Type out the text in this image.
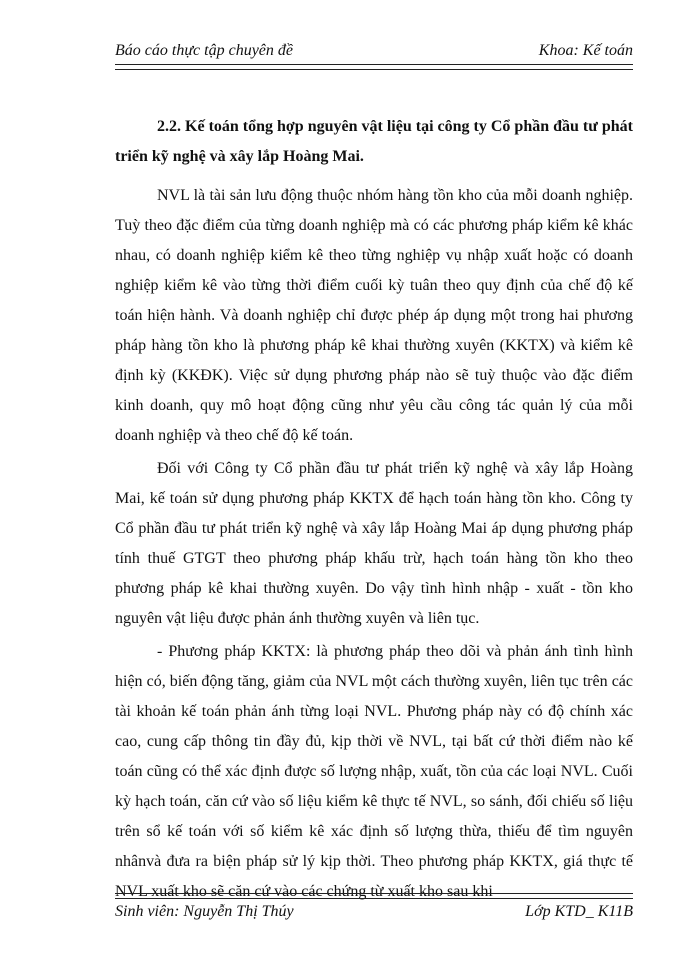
Báo cáo thực tập chuyên đề	Khoa: Kế toán

2.2. Kế toán tổng hợp nguyên vật liệu tại công ty Cổ phần đầu tư phát triển kỹ nghệ và xây lắp Hoàng Mai.

NVL là tài sản lưu động thuộc nhóm hàng tồn kho của mỗi doanh nghiệp. Tuỳ theo đặc điểm của từng doanh nghiệp mà có các phương pháp kiểm kê khác nhau, có doanh nghiệp kiểm kê theo từng nghiệp vụ nhập xuất hoặc có doanh nghiệp kiểm kê vào từng thời điểm cuối kỳ tuân theo quy định của chế độ kế toán hiện hành. Và doanh nghiệp chỉ được phép áp dụng một trong hai phương pháp hàng tồn kho là phương pháp kê khai thường xuyên (KKTX) và kiểm kê định kỳ (KKĐK). Việc sử dụng phương pháp nào sẽ tuỳ thuộc vào đặc điểm kinh doanh, quy mô hoạt động cũng như yêu cầu công tác quản lý của mỗi doanh nghiệp và theo chế độ kế toán.

Đối với Công ty Cổ phần đầu tư phát triển kỹ nghệ và xây lắp Hoàng Mai, kế toán sử dụng phương pháp KKTX để hạch toán hàng tồn kho. Công ty Cổ phần đầu tư phát triển kỹ nghệ và xây lắp Hoàng Mai áp dụng phương pháp tính thuế GTGT theo phương pháp khấu trừ, hạch toán hàng tồn kho theo phương pháp kê khai thường xuyên. Do vậy tình hình nhập - xuất - tồn kho nguyên vật liệu được phản ánh thường xuyên và liên tục.

- Phương pháp KKTX: là phương pháp theo dõi và phản ánh tình hình hiện có, biến động tăng, giảm của NVL một cách thường xuyên, liên tục trên các tài khoản kế toán phản ánh từng loại NVL. Phương pháp này có độ chính xác cao, cung cấp thông tin đầy đủ, kịp thời về NVL, tại bất cứ thời điểm nào kế toán cũng có thể xác định được số lượng nhập, xuất, tồn của các loại NVL. Cuối kỳ hạch toán, căn cứ vào số liệu kiểm kê thực tế NVL, so sánh, đối chiếu số liệu trên sổ kế toán với số kiểm kê xác định số lượng thừa, thiếu để tìm nguyên nhânvà đưa ra biện pháp sử lý kịp thời. Theo phương pháp KKTX, giá thực tế NVL xuất kho sẽ căn cứ vào các chứng từ xuất kho sau khi

Sinh viên: Nguyễn Thị Thúy	Lớp KTD_ K11B
